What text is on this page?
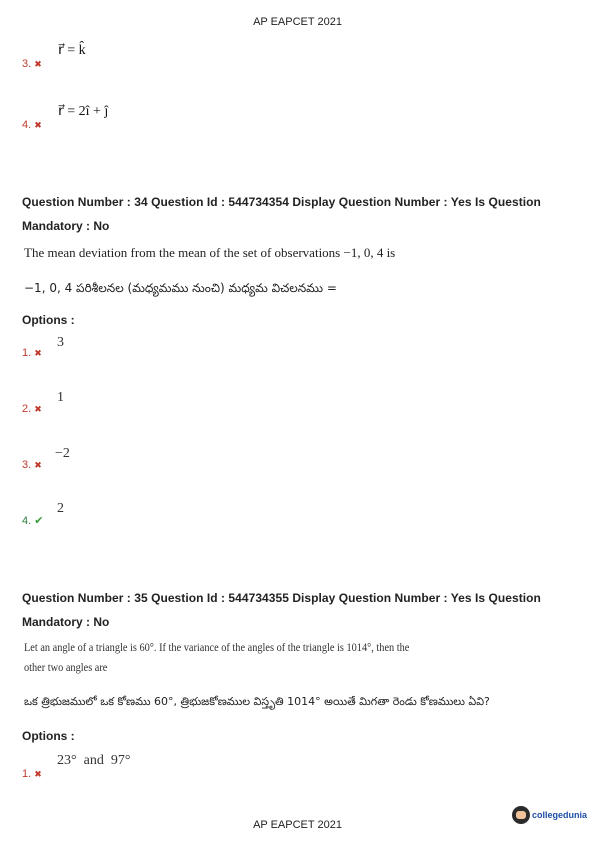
AP EAPCET 2021
3. ✖
r⃗ = k̂
4. ✖
r⃗ = 2î + ĵ
Question Number : 34 Question Id : 544734354 Display Question Number : Yes Is Question
Mandatory : No
The mean deviation from the mean of the set of observations −1, 0, 4 is
−1, 0, 4 పరిశీలనల (మధ్యమము నుంచి) మధ్యమ విచలనము =
Options :
1. ✖
3
2. ✖
1
3. ✖
−2
4. ✔
2
Question Number : 35 Question Id : 544734355 Display Question Number : Yes Is Question
Mandatory : No
Let an angle of a triangle is 60°. If the variance of the angles of the triangle is 1014°, then the
other two angles are
ఒక త్రిభుజములో ఒక కోణము 60°, త్రిభుజకోణముల విస్తృతి 1014° అయితే మిగతా రెండు కోణములు ఏవి?
Options :
1. ✖
23°  and  97°
AP EAPCET 2021
collegedunia
